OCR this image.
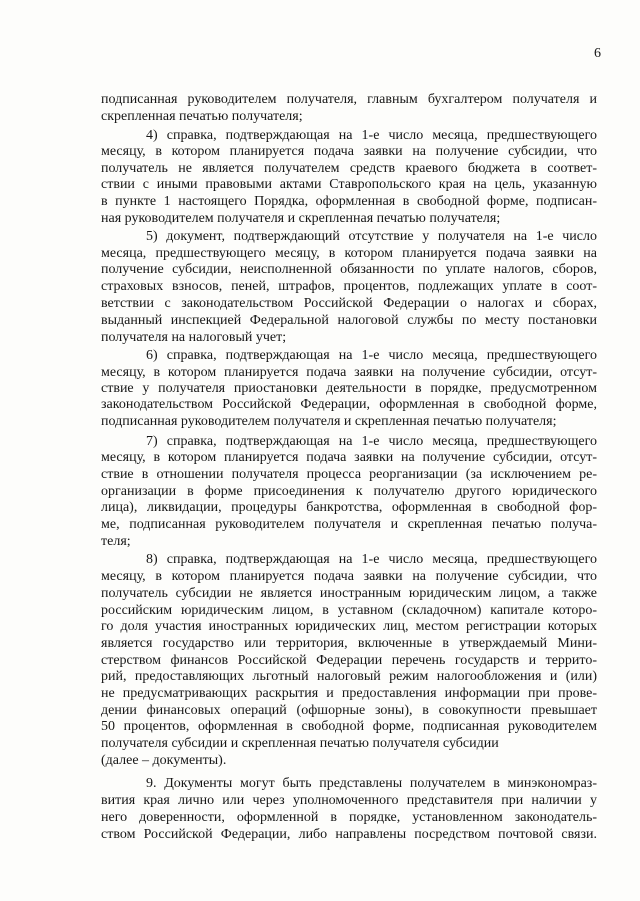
6
подписанная руководителем получателя, главным бухгалтером получателя и
скрепленная печатью получателя;
4) справка, подтверждающая на 1-е число месяца, предшествующего
месяцу, в котором планируется подача заявки на получение субсидии, что
получатель не является получателем средств краевого бюджета в соответ-
ствии с иными правовыми актами Ставропольского края на цель, указанную
в пункте 1 настоящего Порядка, оформленная в свободной форме, подписан-
ная руководителем получателя и скрепленная печатью получателя;
5) документ, подтверждающий отсутствие у получателя на 1-е число
месяца, предшествующего месяцу, в котором планируется подача заявки на
получение субсидии, неисполненной обязанности по уплате налогов, сборов,
страховых взносов, пеней, штрафов, процентов, подлежащих уплате в соот-
ветствии с законодательством Российской Федерации о налогах и сборах,
выданный инспекцией Федеральной налоговой службы по месту постановки
получателя на налоговый учет;
6) справка, подтверждающая на 1-е число месяца, предшествующего
месяцу, в котором планируется подача заявки на получение субсидии, отсут-
ствие у получателя приостановки деятельности в порядке, предусмотренном
законодательством Российской Федерации, оформленная в свободной форме,
подписанная руководителем получателя и скрепленная печатью получателя;
7) справка, подтверждающая на 1-е число месяца, предшествующего
месяцу, в котором планируется подача заявки на получение субсидии, отсут-
ствие в отношении получателя процесса реорганизации (за исключением ре-
организации в форме присоединения к получателю другого юридического
лица), ликвидации, процедуры банкротства, оформленная в свободной фор-
ме, подписанная руководителем получателя и скрепленная печатью получа-
теля;
8) справка, подтверждающая на 1-е число месяца, предшествующего
месяцу, в котором планируется подача заявки на получение субсидии, что
получатель субсидии не является иностранным юридическим лицом, а также
российским юридическим лицом, в уставном (складочном) капитале которо-
го доля участия иностранных юридических лиц, местом регистрации которых
является государство или территория, включенные в утверждаемый Мини-
стерством финансов Российской Федерации перечень государств и террито-
рий, предоставляющих льготный налоговый режим налогообложения и (или)
не предусматривающих раскрытия и предоставления информации при прове-
дении финансовых операций (офшорные зоны), в совокупности превышает
50 процентов, оформленная в свободной форме, подписанная руководителем
получателя субсидии и скрепленная печатью получателя субсидии
(далее – документы).
9. Документы могут быть представлены получателем в минэкономраз-
вития края лично или через уполномоченного представителя при наличии у
него доверенности, оформленной в порядке, установленном законодатель-
ством Российской Федерации, либо направлены посредством почтовой связи.
